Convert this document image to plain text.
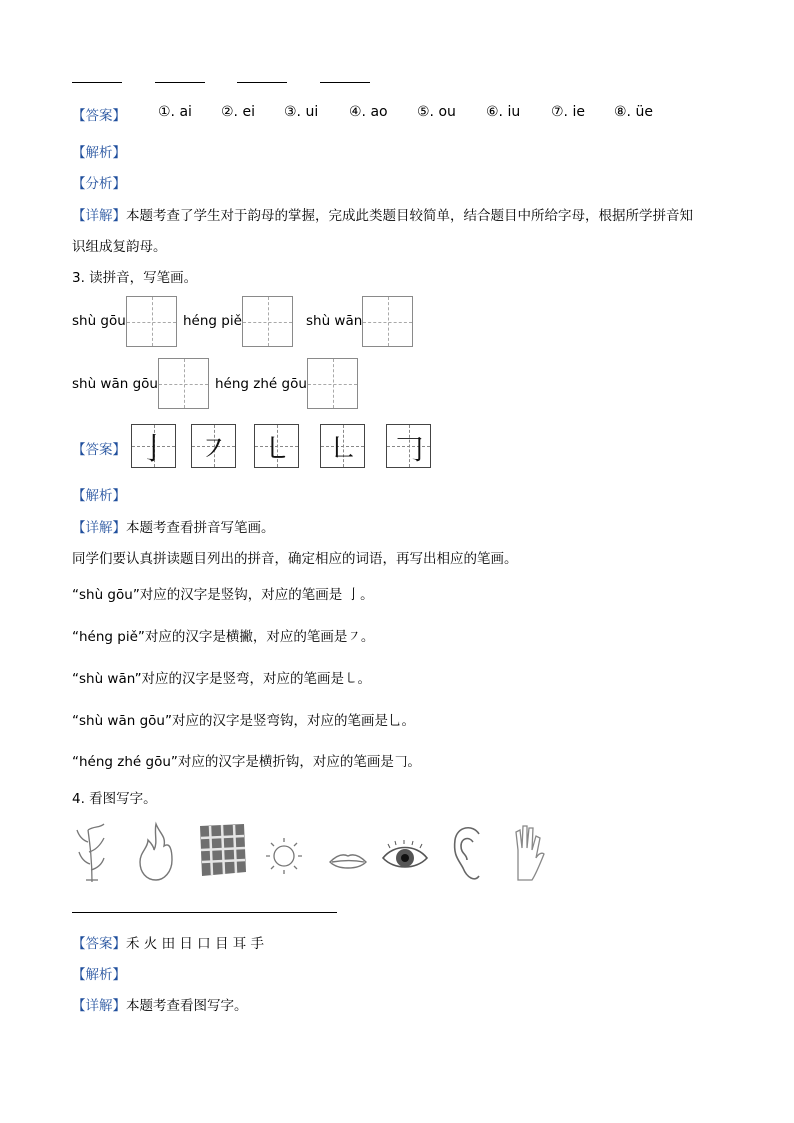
【答案】 ①. ai ②. ei ③. ui ④. ao ⑤. ou ⑥. iu ⑦. ie ⑧. üe
【解析】
【分析】
【详解】本题考查了学生对于韵母的掌握，完成此类题目较简单，结合题目中所给字母，根据所学拼音知
识组成复韵母。
3. 读拼音，写笔画。
shù gōu	héng piě	shù wān
shù wān gōu	héng zhé gōu
【答案】 亅 ㇇ ㇄ ㇗ 𠃌
【解析】
【详解】本题考查看拼音写笔画。
同学们要认真拼读题目列出的拼音，确定相应的词语，再写出相应的笔画。
“shù gōu”对应的汉字是竖钩，对应的笔画是 亅。
“héng piě”对应的汉字是横撇，对应的笔画是㇇。
“shù wān”对应的汉字是竖弯，对应的笔画是㇄。
“shù wān gōu”对应的汉字是竖弯钩，对应的笔画是乚。
“héng zhé gōu”对应的汉字是横折钩，对应的笔画是𠃌。
4. 看图写字。
【答案】禾 火 田 日 口 目 耳 手
【解析】
【详解】本题考查看图写字。
